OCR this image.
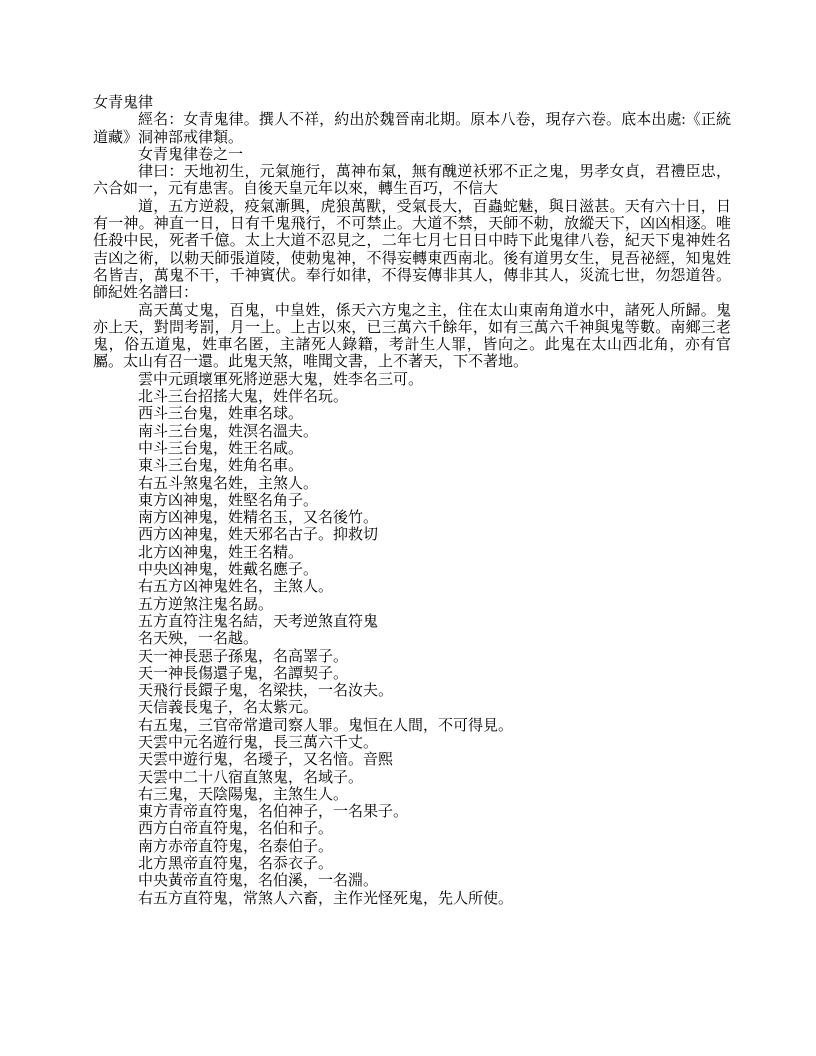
女青鬼律

經名：女青鬼律。撰人不祥，約出於魏晉南北期。原本八卷，現存六卷。底本出處:《正統道藏》洞神部戒律類。

女青鬼律卷之一

律曰：天地初生，元氣施行，萬神布氣，無有醜逆袄邪不正之鬼，男孝女貞，君禮臣忠，六合如一，元有患害。自後天皇元年以來，轉生百巧，不信大

道，五方逆殺，疫氣漸興，虎狼萬獸，受氣長大，百蟲蛇魅，與日滋甚。天有六十日，日有一神。神直一日，日有千鬼飛行，不可禁止。大道不禁，天師不勅，放縱天下，凶凶相逐。唯任殺中民，死者千億。太上大道不忍見之，二年七月七日日中時下此鬼律八卷，紀天下鬼神姓名吉凶之術，以勅天師張道陵，使勅鬼神，不得妄轉東西南北。後有道男女生，見吾祕經，知鬼姓名皆吉，萬鬼不干，千神賓伏。奉行如律，不得妄傳非其人，傳非其人，災流七世，勿怨道咎。師紀姓名譜曰：

高天萬丈鬼，百鬼，中皇姓，係天六方鬼之主，住在太山東南角道水中，諸死人所歸。鬼亦上天，對問考罰，月一上。上古以來，已三萬六千餘年，如有三萬六千神與鬼等數。南鄉三老鬼，俗五道鬼，姓車名匿，主諸死人錄籍，考計生人罪，皆向之。此鬼在太山西北角，亦有官屬。太山有召一還。此鬼天煞，唯聞文書，上不著天，下不著地。

雲中元頭壞軍死將逆惡大鬼，姓李名三可。

北斗三台招搖大鬼，姓伴名玩。

西斗三台鬼，姓車名球。

南斗三台鬼，姓溟名溫夫。

中斗三台鬼，姓王名咸。

東斗三台鬼，姓角名車。

右五斗煞鬼名姓，主煞人。

東方凶神鬼，姓堅名角子。

南方凶神鬼，姓精名玉，又名後竹。

西方凶神鬼，姓天邪名古子。抑救切

北方凶神鬼，姓王名精。

中央凶神鬼，姓戴名應子。

右五方凶神鬼姓名，主煞人。

五方逆煞注鬼名勗。

五方直符注鬼名結，天考逆煞直符鬼

名天殃，一名越。

天一神長惡子孫鬼，名高睪子。

天一神長傷還子鬼，名譚契子。

天飛行長鐶子鬼，名梁扶，一名汝夫。

天信義長鬼子，名太紫元。

右五鬼，三官帝常遣司察人罪。鬼恒在人間，不可得見。

天雲中元名遊行鬼，長三萬六千丈。

天雲中遊行鬼，名璦子，又名愔。音熙

天雲中二十八宿直煞鬼，名域子。

右三鬼，天陰陽鬼，主煞生人。

東方青帝直符鬼，名伯神子，一名果子。

西方白帝直符鬼，名伯和子。

南方赤帝直符鬼，名泰伯子。

北方黑帝直符鬼，名忝衣子。

中央黃帝直符鬼，名伯溪，一名淵。

右五方直符鬼，常煞人六畜，主作光怪死鬼，先人所使。
